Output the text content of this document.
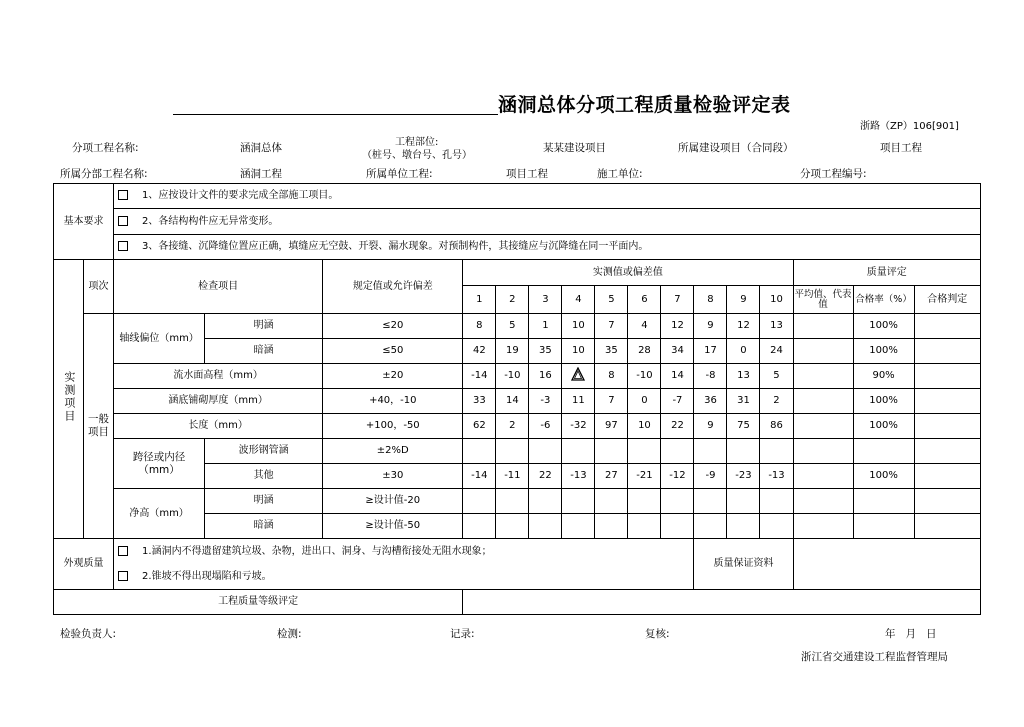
涵洞总体分项工程质量检验评定表
浙路（ZP）106[901]
分项工程名称:	涵洞总体	工程部位:
（桩号、墩台号、孔号）
某某建设项目	所属建设项目（合同段）	项目工程
所属分部工程名称:	涵洞工程	所属单位工程:	项目工程	施工单位:	分项工程编号:
基本要求		1、应按设计文件的要求完成全部施工项目。															
		2、各结构构件应无异常变形。															
		3、各接缝、沉降缝位置应正确，填缝应无空鼓、开裂、漏水现象。对预制构件，其接缝应与沉降缝在同一平面内。															
实测项目	项次	检查项目		规定值或允许偏差	实测值或偏差值										质量评定		
					1	2	3	4	5	6	7	8	9	10	平均值、代表值	合格率（%）	合格判定
		轴线偏位（mm）	明涵	≤20	8	5	1	10	7	4	12	9	12	13		100%	
			暗涵	≤50	42	19	35	10	35	28	34	17	0	24		100%	
		流水面高程（mm）		±20	-14	-10	16		8	-10	14	-8	13	5		90%	

	一般项目	涵底铺砌厚度（mm）		+40，-10	33	14	-3	11	7	0	-7	36	31	2		100%	
		长度（mm）		+100，-50	62	2	-6	-32	97	10	22	9	75	86		100%	

		跨径或内径（mm）	波形钢管涵	±2%D													
			其他	±30	-14	-11	22	-13	27	-21	-12	-9	-23	-13		100%	
		净高（mm）	明涵	≥设计值-20													
			暗涵	≥设计值-50													
外观质量		1.涵洞内不得遗留建筑垃圾、杂物，进出口、洞身、与沟槽衔接处无阻水现象；										质量保证资料					
		2.锥坡不得出现塌陷和亏坡。															
工程质量等级评定																	
检验负责人:	检测:	记录:	复核:	年   月   日
浙江省交通建设工程监督管理局
